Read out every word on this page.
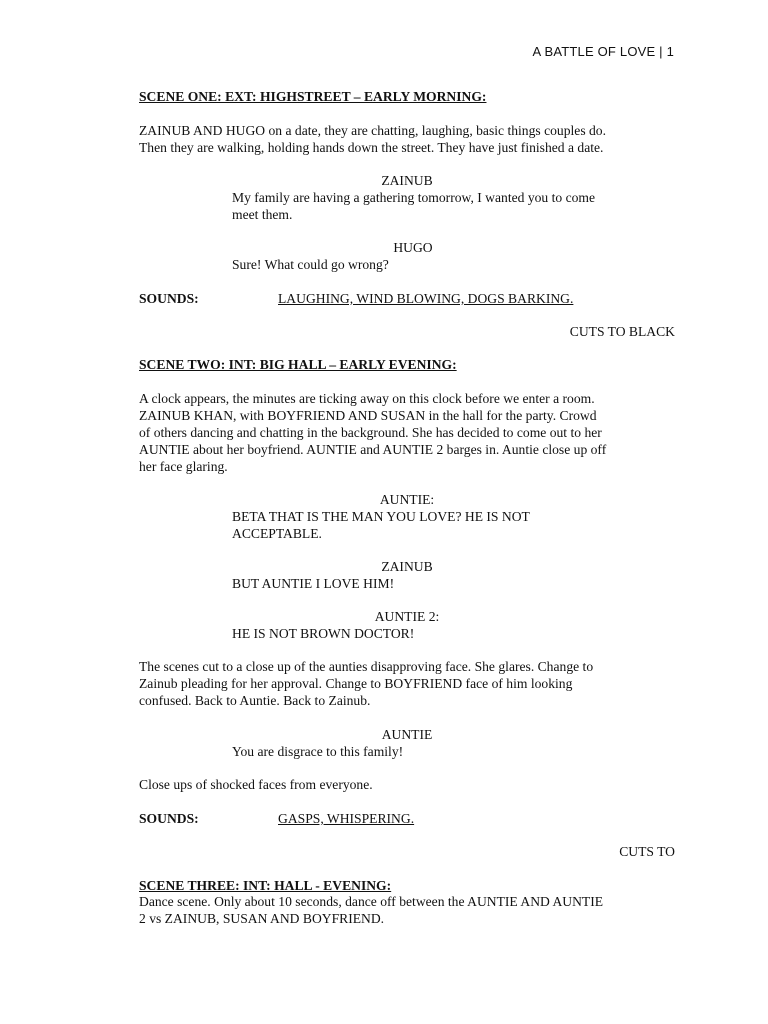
A BATTLE OF LOVE | 1

SCENE ONE: EXT: HIGHSTREET – EARLY MORNING:

ZAINUB AND HUGO on a date, they are chatting, laughing, basic things couples do.

Then they are walking, holding hands down the street. They have just finished a date.

ZAINUB

My family are having a gathering tomorrow, I wanted you to come

meet them.

HUGO

Sure! What could go wrong?

SOUNDS:	LAUGHING, WIND BLOWING, DOGS BARKING.
CUTS TO BLACK

SCENE TWO: INT: BIG HALL – EARLY EVENING:

A clock appears, the minutes are ticking away on this clock before we enter a room.

ZAINUB KHAN, with BOYFRIEND AND SUSAN in the hall for the party. Crowd

of others dancing and chatting in the background. She has decided to come out to her

AUNTIE about her boyfriend. AUNTIE and AUNTIE 2 barges in. Auntie close up off

her face glaring.

AUNTIE:

BETA THAT IS THE MAN YOU LOVE? HE IS NOT

ACCEPTABLE.

ZAINUB

BUT AUNTIE I LOVE HIM!

AUNTIE 2:

HE IS NOT BROWN DOCTOR!

The scenes cut to a close up of the aunties disapproving face. She glares. Change to

Zainub pleading for her approval. Change to BOYFRIEND face of him looking

confused. Back to Auntie. Back to Zainub.

AUNTIE

You are disgrace to this family!

Close ups of shocked faces from everyone.

SOUNDS:	GASPS, WHISPERING.
CUTS TO

SCENE THREE: INT: HALL - EVENING:

Dance scene. Only about 10 seconds, dance off between the AUNTIE AND AUNTIE

2 vs ZAINUB, SUSAN AND BOYFRIEND.
